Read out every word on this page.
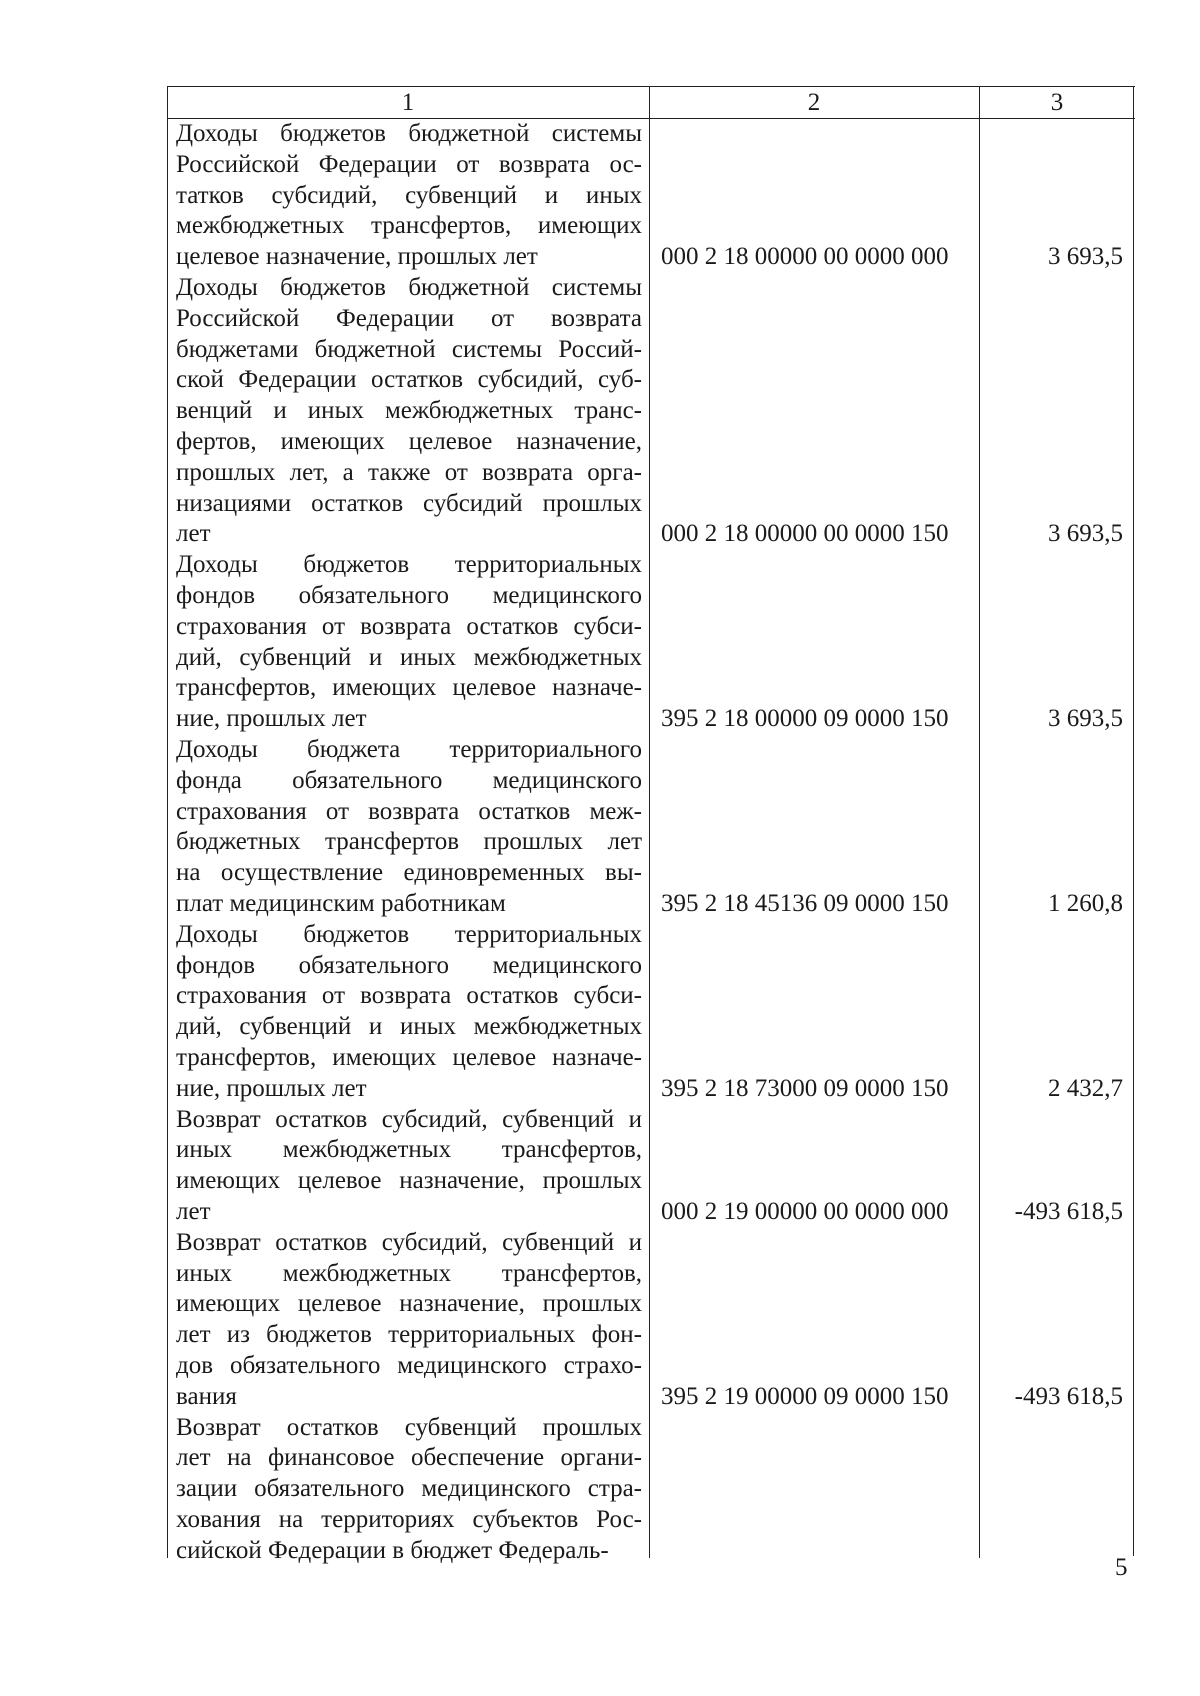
1	2	3
Доходы бюджетов бюджетной системы
Российской Федерации от возврата ос-
татков субсидий, субвенций и иных
межбюджетных трансфертов, имеющих
целевое назначение, прошлых лет	000 2 18 00000 00 0000 000	3 693,5
Доходы бюджетов бюджетной системы
Российской Федерации от возврата
бюджетами бюджетной системы Россий-
ской Федерации остатков субсидий, суб-
венций и иных межбюджетных транс-
фертов, имеющих целевое назначение,
прошлых лет, а также от возврата орга-
низациями остатков субсидий прошлых
лет	000 2 18 00000 00 0000 150	3 693,5
Доходы бюджетов территориальных
фондов обязательного медицинского
страхования от возврата остатков субси-
дий, субвенций и иных межбюджетных
трансфертов, имеющих целевое назначе-
ние, прошлых лет	395 2 18 00000 09 0000 150	3 693,5
Доходы бюджета территориального
фонда обязательного медицинского
страхования от возврата остатков меж-
бюджетных трансфертов прошлых лет
на осуществление единовременных вы-
плат медицинским работникам	395 2 18 45136 09 0000 150	1 260,8
Доходы бюджетов территориальных
фондов обязательного медицинского
страхования от возврата остатков субси-
дий, субвенций и иных межбюджетных
трансфертов, имеющих целевое назначе-
ние, прошлых лет	395 2 18 73000 09 0000 150	2 432,7
Возврат остатков субсидий, субвенций и
иных межбюджетных трансфертов,
имеющих целевое назначение, прошлых
лет	000 2 19 00000 00 0000 000	-493 618,5
Возврат остатков субсидий, субвенций и
иных межбюджетных трансфертов,
имеющих целевое назначение, прошлых
лет из бюджетов территориальных фон-
дов обязательного медицинского страхо-
вания	395 2 19 00000 09 0000 150	-493 618,5
Возврат остатков субвенций прошлых
лет на финансовое обеспечение органи-
зации обязательного медицинского стра-
хования на территориях субъектов Рос-
сийской Федерации в бюджет Федераль-
5
